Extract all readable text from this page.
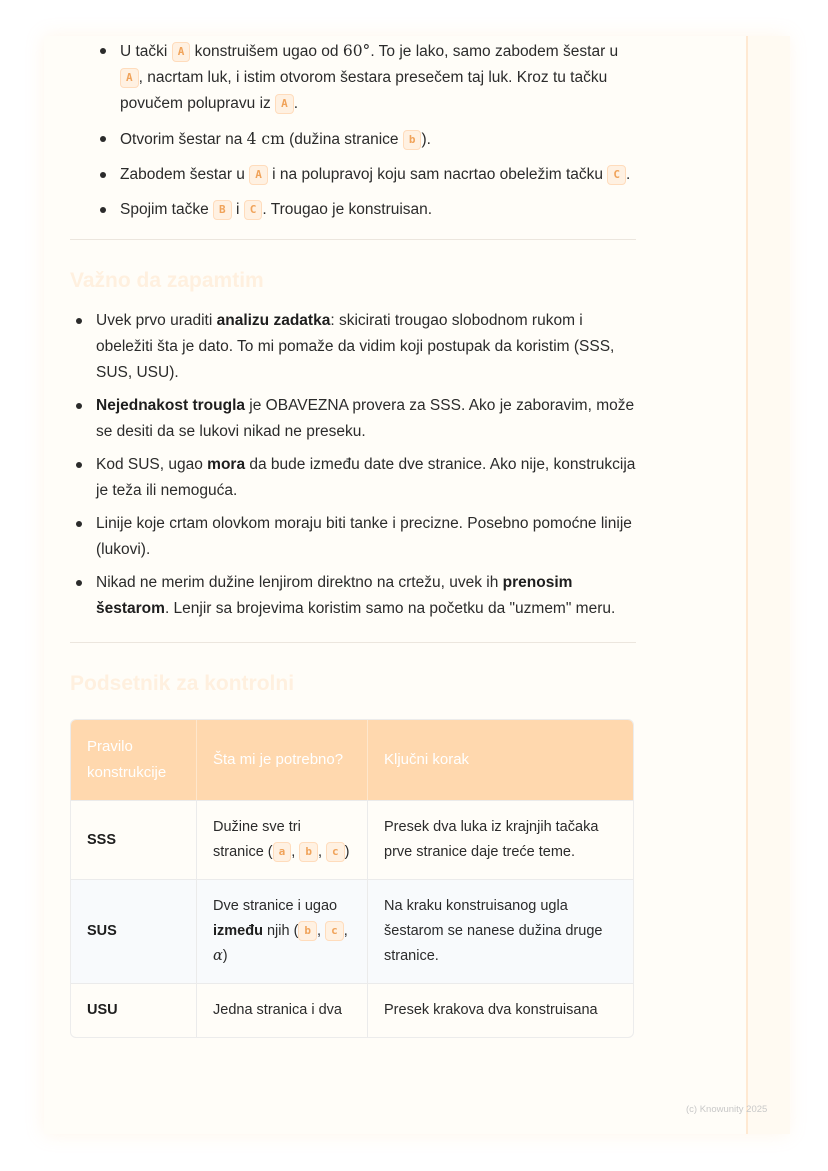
U tački A konstruišem ugao od 60°. To je lako, samo zabodem šestar u A , nacrtam luk, i istim otvorom šestara presečem taj luk. Kroz tu tačku povučem polupravu iz A .
Otvorim šestar na 4 cm (dužina stranice b ).
Zabodem šestar u A i na polupravoj koju sam nacrtao obeležim tačku C .
Spojim tačke B i C . Trougao je konstruisan.
Važno da zapamtim
Uvek prvo uraditi analizu zadatka: skicirati trougao slobodnom rukom i obeležiti šta je dato. To mi pomaže da vidim koji postupak da koristim (SSS, SUS, USU).
Nejednakost trougla je OBAVEZNA provera za SSS. Ako je zaboravim, može se desiti da se lukovi nikad ne preseku.
Kod SUS, ugao mora da bude između date dve stranice. Ako nije, konstrukcija je teža ili nemoguća.
Linije koje crtam olovkom moraju biti tanke i precizne. Posebno pomoćne linije (lukovi).
Nikad ne merim dužine lenjirom direktno na crtežu, uvek ih prenosim šestarom. Lenjir sa brojevima koristim samo na početku da "uzmem" meru.
Podsetnik za kontrolni
Pravilo konstrukcije	Šta mi je potrebno?	Ključni korak
SSS	Dužine sve tri stranice ( a , b , c )	Presek dva luka iz krajnjih tačaka prve stranice daje treće teme.
SUS	Dve stranice i ugao između njih ( b , c , α)	Na kraku konstruisanog ugla šestarom se nanese dužina druge stranice.
USU	Jedna stranica i dva	Presek krakova dva konstruisana
(c) Knowunity 2025
